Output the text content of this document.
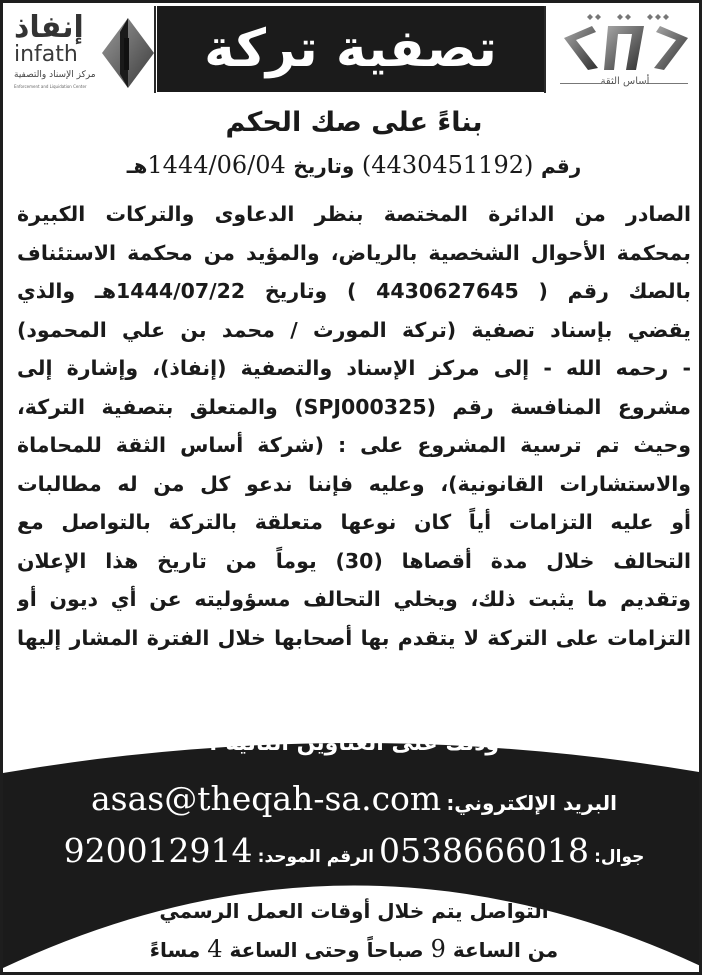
إنفاذ
infath
مركز الإسناد والتصفية
Enforcement and Liquidation Center
تصفية تركة
أساس الثقة
بناءً على صك الحكم
رقم (4430451192) وتاريخ 1444/06/04هـ
الصادر من الدائرة المختصة بنظر الدعاوى والتركات الكبيرة
بمحكمة الأحوال الشخصية بالرياض، والمؤيد من محكمة الاستئناف
بالصك رقم ( 4430627645 ) وتاريخ 1444/07/22هـ والذي
يقضي بإسناد تصفية (تركة المورث / محمد بن علي المحمود)
- رحمه الله - إلى مركز الإسناد والتصفية (إنفاذ)، وإشارة إلى
مشروع المنافسة رقم (SPJ000325) والمتعلق بتصفية التركة،
وحيث تم ترسية المشروع على : (شركة أساس الثقة للمحاماة
والاستشارات القانونية)، وعليه فإننا ندعو كل من له مطالبات
أو عليه التزامات أياً كان نوعها متعلقة بالتركة بالتواصل مع
التحالف خلال مدة أقصاها (30) يوماً من تاريخ هذا الإعلان
وتقديم ما يثبت ذلك، ويخلي التحالف مسؤوليته عن أي ديون أو
التزامات على التركة لا يتقدم بها أصحابها خلال الفترة المشار إليها
وذلك على العناوين التالية :
البريد الإلكتروني: asas@theqah-sa.com
جوال: 0538666018 الرقم الموحد: 920012914
التواصل يتم خلال أوقات العمل الرسمي
من الساعة 9 صباحاً وحتى الساعة 4 مساءً
